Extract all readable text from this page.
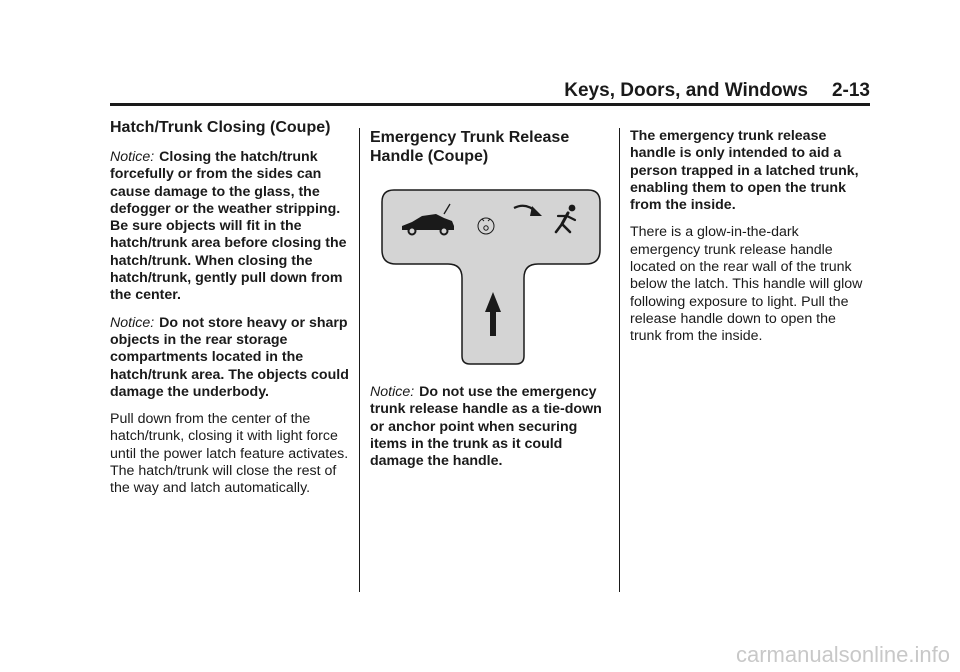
Keys, Doors, and Windows 2-13
Hatch/Trunk Closing (Coupe)

Notice: Closing the hatch/trunk forcefully or from the sides can cause damage to the glass, the defogger or the weather stripping. Be sure objects will fit in the hatch/trunk area before closing the hatch/trunk. When closing the hatch/trunk, gently pull down from the center.

Notice: Do not store heavy or sharp objects in the rear storage compartments located in the hatch/trunk area. The objects could damage the underbody.

Pull down from the center of the hatch/trunk, closing it with light force until the power latch feature activates. The hatch/trunk will close the rest of the way and latch automatically.

Emergency Trunk Release Handle (Coupe)

Notice: Do not use the emergency trunk release handle as a tie-down or anchor point when securing items in the trunk as it could damage the handle.

The emergency trunk release handle is only intended to aid a person trapped in a latched trunk, enabling them to open the trunk from the inside.

There is a glow-in-the-dark emergency trunk release handle located on the rear wall of the trunk below the latch. This handle will glow following exposure to light. Pull the release handle down to open the trunk from the inside.

carmanualsonline.info
